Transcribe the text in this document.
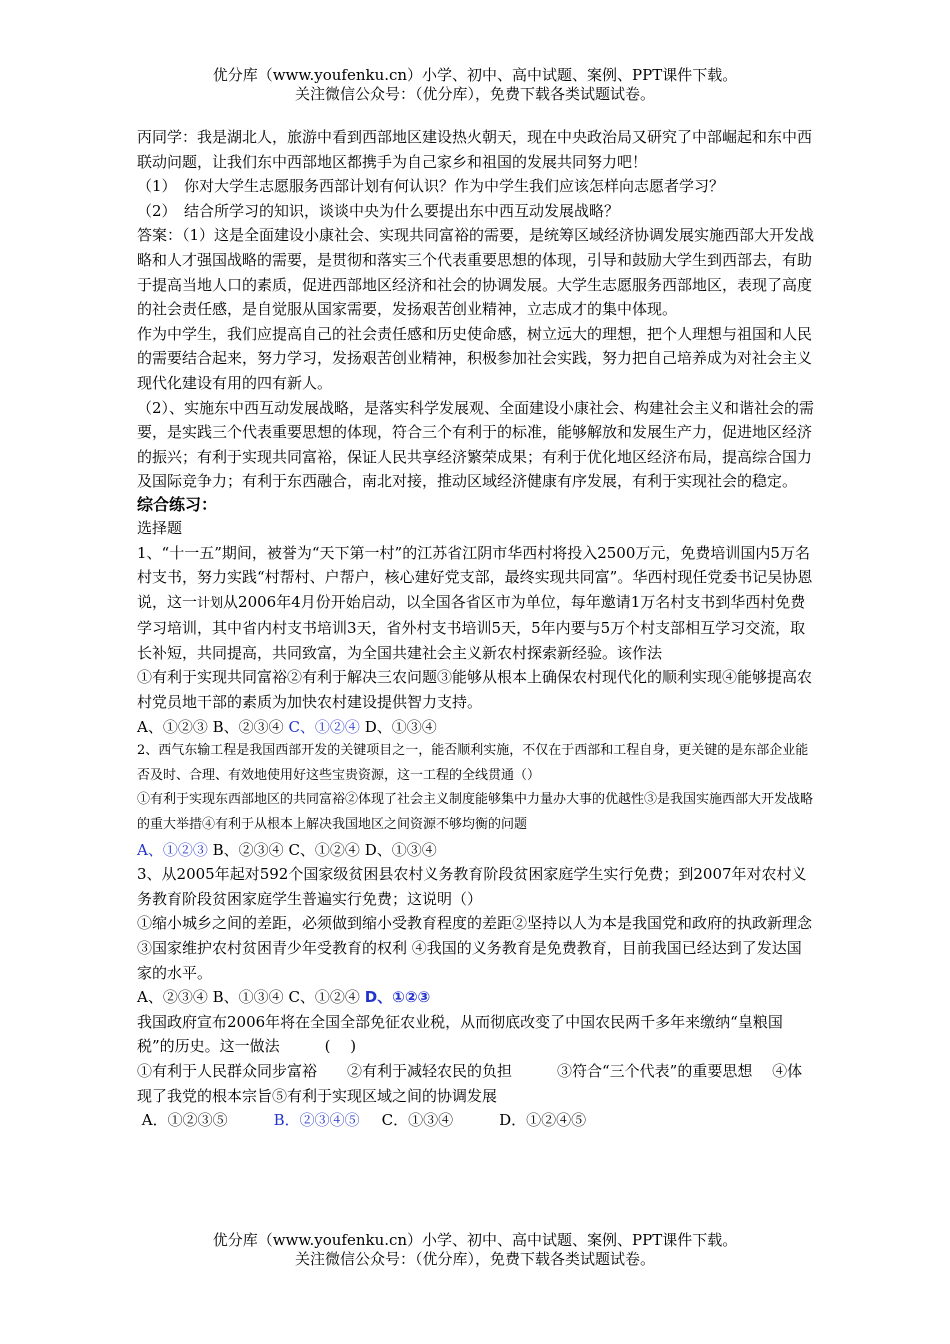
优分库（www.youfenku.cn）小学、初中、高中试题、案例、PPT课件下载。
关注微信公众号：（优分库），免费下载各类试题试卷。

丙同学：我是湖北人，旅游中看到西部地区建设热火朝天，现在中央政治局又研究了中部崛起和东中西联动问题，让我们东中西部地区都携手为自己家乡和祖国的发展共同努力吧！

（1）　你对大学生志愿服务西部计划有何认识？作为中学生我们应该怎样向志愿者学习？

（2）　结合所学习的知识，谈谈中央为什么要提出东中西互动发展战略？

答案：（1）这是全面建设小康社会、实现共同富裕的需要，是统筹区域经济协调发展实施西部大开发战略和人才强国战略的需要，是贯彻和落实三个代表重要思想的体现，引导和鼓励大学生到西部去，有助于提高当地人口的素质，促进西部地区经济和社会的协调发展。大学生志愿服务西部地区，表现了高度的社会责任感，是自觉服从国家需要，发扬艰苦创业精神，立志成才的集中体现。

作为中学生，我们应提高自己的社会责任感和历史使命感，树立远大的理想，把个人理想与祖国和人民的需要结合起来，努力学习，发扬艰苦创业精神，积极参加社会实践，努力把自己培养成为对社会主义现代化建设有用的四有新人。

（2）、实施东中西互动发展战略，是落实科学发展观、全面建设小康社会、构建社会主义和谐社会的需要，是实践三个代表重要思想的体现，符合三个有利于的标准，能够解放和发展生产力，促进地区经济的振兴；有利于实现共同富裕，保证人民共享经济繁荣成果；有利于优化地区经济布局，提高综合国力及国际竞争力；有利于东西融合，南北对接，推动区域经济健康有序发展，有利于实现社会的稳定。

综合练习：

选择题

1、“十一五”期间，被誉为“天下第一村”的江苏省江阴市华西村将投入2500万元，免费培训国内5万名村支书，努力实践“村帮村、户帮户，核心建好党支部，最终实现共同富”。华西村现任党委书记吴协恩说，这一计划从2006年4月份开始启动，以全国各省区市为单位，每年邀请1万名村支书到华西村免费学习培训，其中省内村支书培训3天，省外村支书培训5天，5年内要与5万个村支部相互学习交流，取长补短，共同提高，共同致富，为全国共建社会主义新农村探索新经验。该作法

①有利于实现共同富裕②有利于解决三农问题③能够从根本上确保农村现代化的顺利实现④能够提高农村党员地干部的素质为加快农村建设提供智力支持。

A、①②③ B、②③④ C、①②④ D、①③④

2、西气东输工程是我国西部开发的关键项目之一，能否顺利实施，不仅在于西部和工程自身，更关键的是东部企业能否及时、合理、有效地使用好这些宝贵资源，这一工程的全线贯通（）

①有利于实现东西部地区的共同富裕②体现了社会主义制度能够集中力量办大事的优越性③是我国实施西部大开发战略的重大举措④有利于从根本上解决我国地区之间资源不够均衡的问题

A、①②③ B、②③④ C、①②④ D、①③④

3、从2005年起对592个国家级贫困县农村义务教育阶段贫困家庭学生实行免费；到2007年对农村义务教育阶段贫困家庭学生普遍实行免费；这说明（）

①缩小城乡之间的差距，必须做到缩小受教育程度的差距②坚持以人为本是我国党和政府的执政新理念③国家维护农村贫困青少年受教育的权利 ④我国的义务教育是免费教育，目前我国已经达到了发达国家的水平。

A、②③④ B、①③④ C、①②④ D、①②③

我国政府宣布2006年将在全国全部免征农业税，从而彻底改变了中国农民两千多年来缴纳“皇粮国税”的历史。这一做法　　　(　 )

①有利于人民群众同步富裕　　②有利于减轻农民的负担　　　③符合“三个代表”的重要思想　 ④体现了我党的根本宗旨⑤有利于实现区域之间的协调发展

A．①②③⑤	B．②③④⑤ C．①③④	D．①②④⑤

优分库（www.youfenku.cn）小学、初中、高中试题、案例、PPT课件下载。
关注微信公众号：（优分库），免费下载各类试题试卷。
